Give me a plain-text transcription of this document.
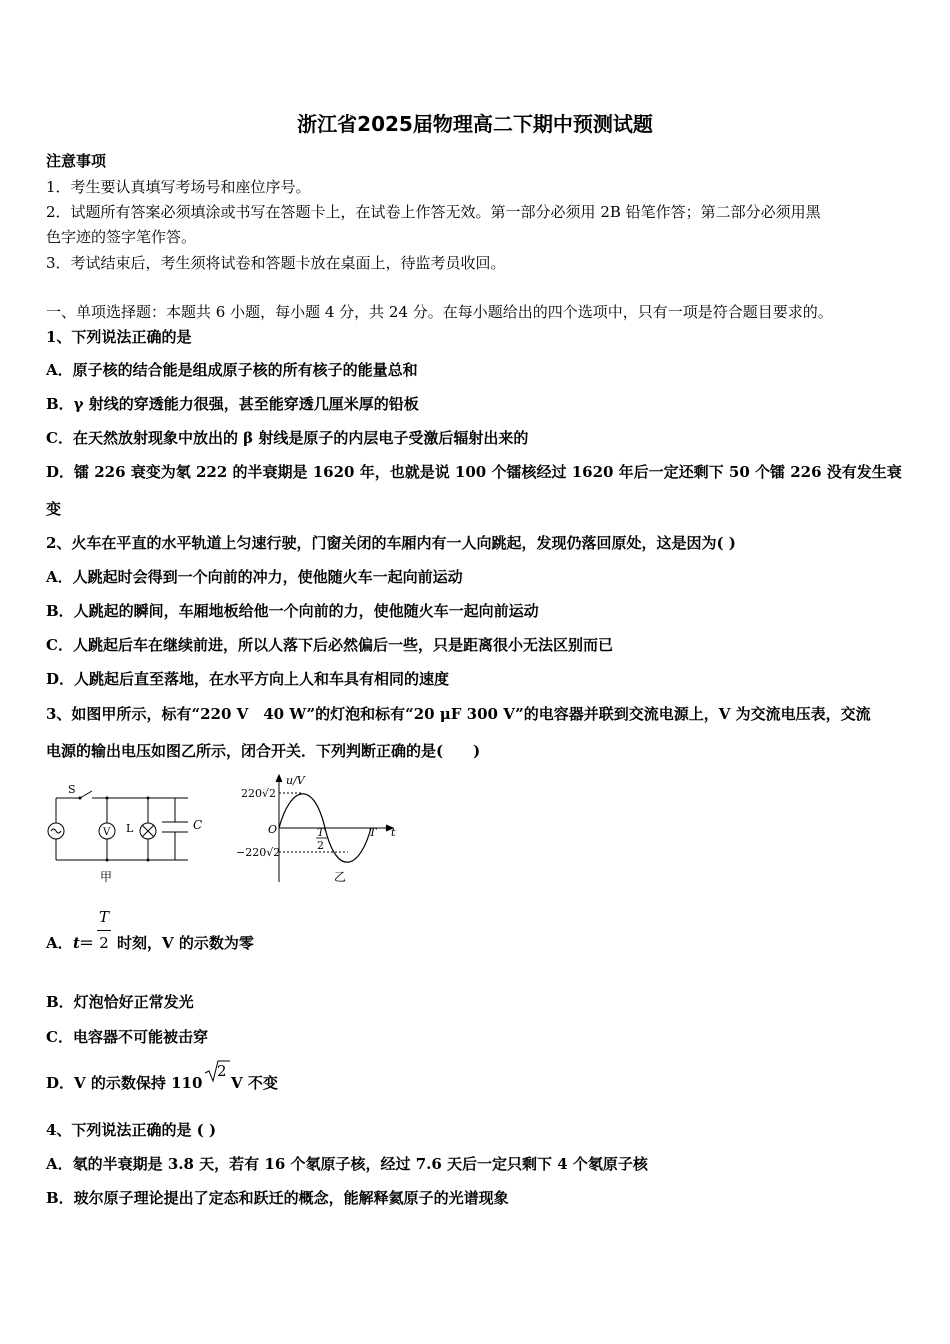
浙江省2025届物理高二下期中预测试题
注意事项
1．考生要认真填写考场号和座位序号。
2．试题所有答案必须填涂或书写在答题卡上，在试卷上作答无效。第一部分必须用 2B 铅笔作答；第二部分必须用黑
色字迹的签字笔作答。
3．考试结束后，考生须将试卷和答题卡放在桌面上，待监考员收回。
一、单项选择题：本题共 6 小题，每小题 4 分，共 24 分。在每小题给出的四个选项中，只有一项是符合题目要求的。
1、下列说法正确的是
A．原子核的结合能是组成原子核的所有核子的能量总和
B．γ 射线的穿透能力很强，甚至能穿透几厘米厚的铅板
C．在天然放射现象中放出的 β 射线是原子的内层电子受激后辐射出来的
D．镭 226 衰变为氡 222 的半衰期是 1620 年，也就是说 100 个镭核经过 1620 年后一定还剩下 50 个镭 226 没有发生衰
变
2、火车在平直的水平轨道上匀速行驶，门窗关闭的车厢内有一人向跳起，发现仍落回原处，这是因为( )
A．人跳起时会得到一个向前的冲力，使他随火车一起向前运动
B．人跳起的瞬间，车厢地板给他一个向前的力，使他随火车一起向前运动
C．人跳起后车在继续前进，所以人落下后必然偏后一些，只是距离很小无法区别而已
D．人跳起后直至落地，在水平方向上人和车具有相同的速度
3、如图甲所示，标有“220 V　40 W”的灯泡和标有“20 μF 300 V”的电容器并联到交流电源上，V 为交流电压表，交流
电源的输出电压如图乙所示，闭合开关．下列判断正确的是(　　)
S
V L	C
甲
u/V
220√2
−220√2
O	T
2
T t
乙
A． t ＝
T
2 时刻，V 的示数为零
B．灯泡恰好正常发光
C．电容器不可能被击穿
D．V 的示数保持 110
2
V 不变
4、下列说法正确的是 ( )
A．氡的半衰期是 3.8 天，若有 16 个氡原子核，经过 7.6 天后一定只剩下 4 个氡原子核
B．玻尔原子理论提出了定态和跃迁的概念，能解释氦原子的光谱现象
